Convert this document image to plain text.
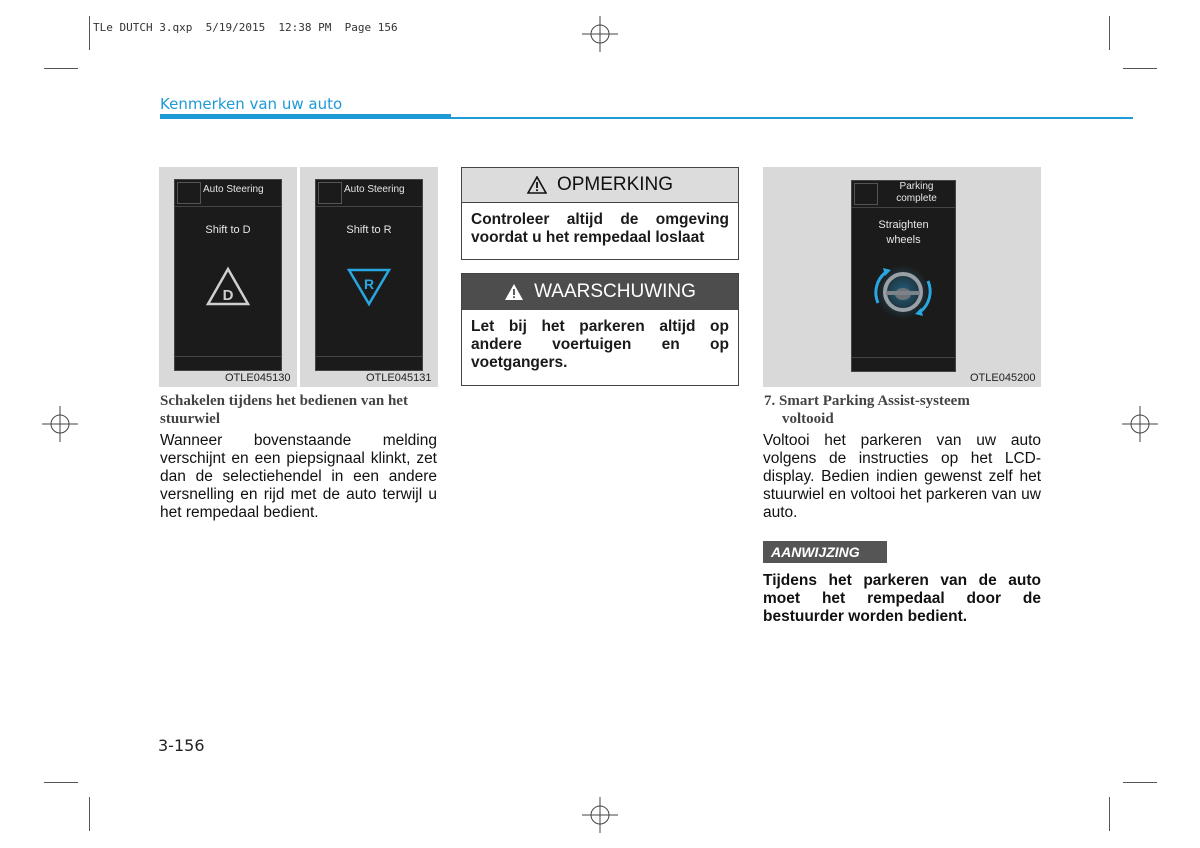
TLe DUTCH 3.qxp  5/19/2015  12:38 PM  Page 156
Kenmerken van uw auto
Auto Steering
Shift to D
D
OTLE045130
Auto Steering
Shift to R
R
OTLE045131
Schakelen tijdens het bedienen van het stuurwiel
Wanneer bovenstaande melding verschijnt en een piepsignaal klinkt, zet dan de selectiehendel in een andere versnelling en rijd met de auto terwijl u het rempedaal bedient.
OPMERKING
Controleer altijd de omgeving voordat u het rempedaal loslaat
WAARSCHUWING
Let bij het parkeren altijd op andere voertuigen en op voetgangers.
Parking
complete
Straighten
wheels
OTLE045200
7. Smart Parking Assist-systeem
voltooid
Voltooi het parkeren van uw auto volgens de instructies op het LCD-display. Bedien indien gewenst zelf het stuurwiel en voltooi het parkeren van uw auto.
AANWIJZING
Tijdens het parkeren van de auto moet het rempedaal door de bestuurder worden bedient.
3-156
